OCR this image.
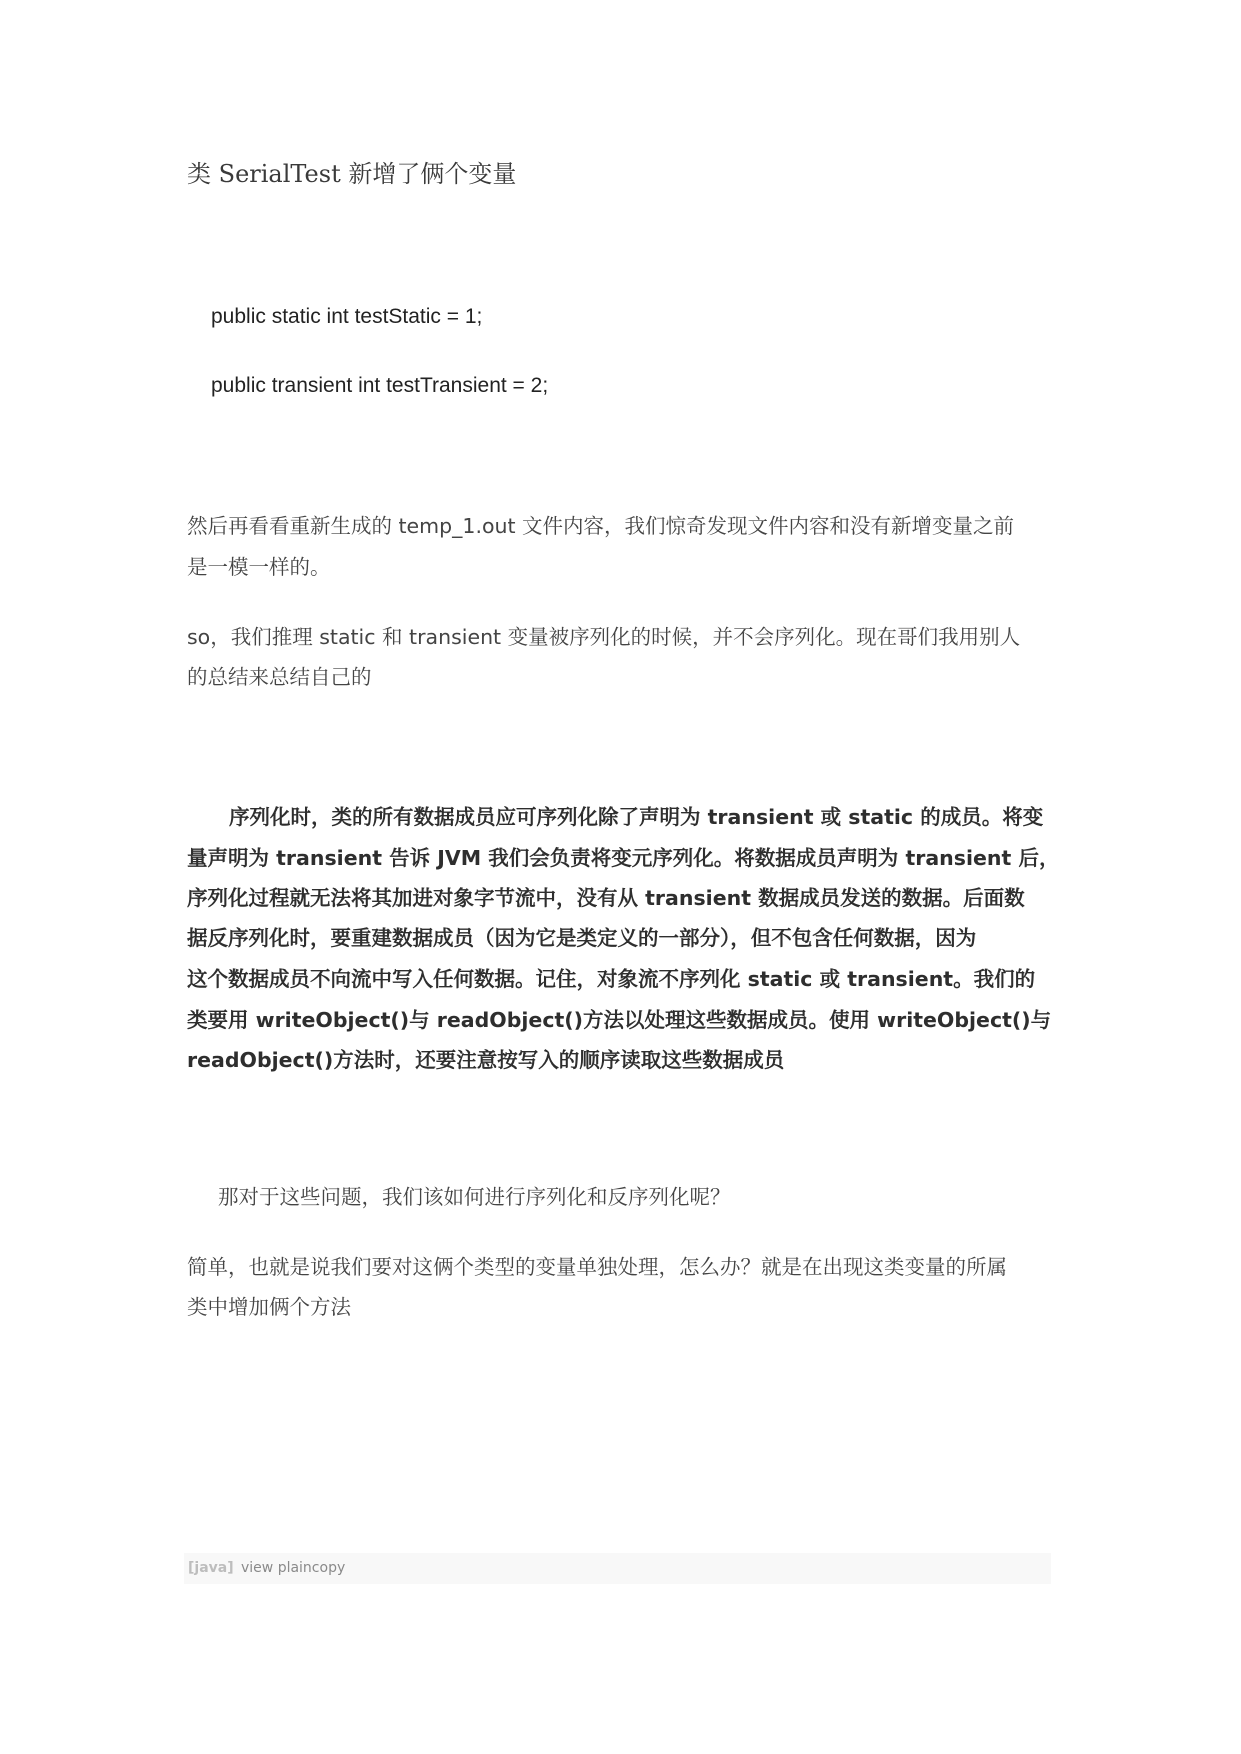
类 SerialTest 新增了俩个变量

public static int testStatic = 1;

public transient int testTransient = 2;

然后再看看重新生成的 temp_1.out 文件内容，我们惊奇发现文件内容和没有新增变量之前

是一模一样的。

so，我们推理 static 和 transient 变量被序列化的时候，并不会序列化。现在哥们我用别人

的总结来总结自己的

序列化时，类的所有数据成员应可序列化除了声明为 transient 或 static 的成员。将变

量声明为 transient 告诉 JVM 我们会负责将变元序列化。将数据成员声明为 transient 后，

序列化过程就无法将其加进对象字节流中，没有从 transient 数据成员发送的数据。后面数

据反序列化时，要重建数据成员（因为它是类定义的一部分），但不包含任何数据，因为

这个数据成员不向流中写入任何数据。记住，对象流不序列化 static 或 transient。我们的

类要用 writeObject()与 readObject()方法以处理这些数据成员。使用 writeObject()与

readObject()方法时，还要注意按写入的顺序读取这些数据成员

那对于这些问题，我们该如何进行序列化和反序列化呢？

简单，也就是说我们要对这俩个类型的变量单独处理，怎么办？就是在出现这类变量的所属

类中增加俩个方法

[java] view plaincopy
